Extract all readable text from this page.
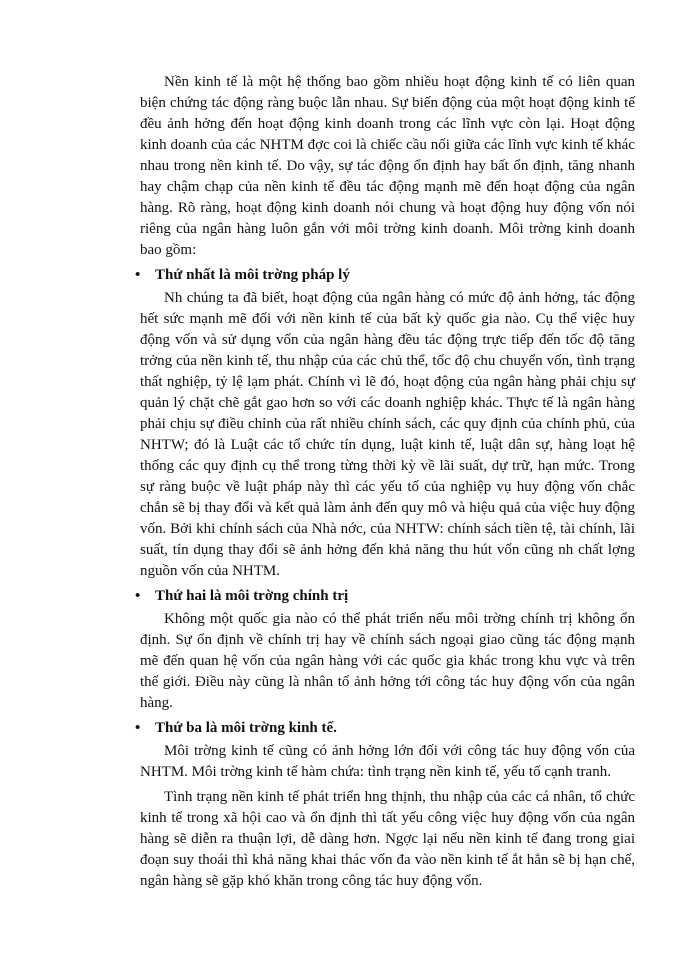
Nền kinh tế là một hệ thống bao gồm nhiều hoạt động kinh tế có liên quan biện chứng tác động ràng buộc lẫn nhau. Sự biến động của một hoạt động kinh tế đều ảnh hởng đến hoạt động kinh doanh trong các lĩnh vực còn lại. Hoạt động kinh doanh của các NHTM đợc coi là chiếc cầu nối giữa các lĩnh vực kinh tế khác nhau trong nền kinh tế. Do vậy, sự tác động ổn định hay bất ổn định, tăng nhanh hay chậm chạp của nền kinh tế đều tác động mạnh mẽ đến hoạt động của ngân hàng. Rõ ràng, hoạt động kinh doanh nói chung và hoạt động huy động vốn nói riêng của ngân hàng luôn gắn với môi trờng kinh doanh. Môi trờng kinh doanh bao gồm:

• Thứ nhất là môi trờng pháp lý

Nh chúng ta đã biết, hoạt động của ngân hàng có mức độ ảnh hởng, tác động hết sức mạnh mẽ đối với nền kinh tế của bất kỳ quốc gia nào. Cụ thể việc huy động vốn và sử dụng vốn của ngân hàng đều tác động trực tiếp đến tốc độ tăng trởng của nền kinh tế, thu nhập của các chủ thể, tốc độ chu chuyển vốn, tình trạng thất nghiệp, tỷ lệ lạm phát. Chính vì lẽ đó, hoạt động của ngân hàng phải chịu sự quản lý chặt chẽ gắt gao hơn so với các doanh nghiệp khác. Thực tế là ngân hàng phải chịu sự điều chỉnh của rất nhiều chính sách, các quy định của chính phủ, của NHTW; đó là Luật các tổ chức tín dụng, luật kinh tế, luật dân sự, hàng loạt hệ thống các quy định cụ thể trong từng thời kỳ về lãi suất, dự trữ, hạn mức. Trong sự ràng buộc về luật pháp này thì các yếu tố của nghiệp vụ huy động vốn chắc chắn sẽ bị thay đổi và kết quả làm ảnh đến quy mô và hiệu quả của việc huy động vốn. Bởi khi chính sách của Nhà nớc, của NHTW: chính sách tiền tệ, tài chính, lãi suất, tín dụng thay đổi sẽ ảnh hởng đến khả năng thu hút vốn cũng nh chất lợng nguồn vốn của NHTM.

• Thứ hai là môi trờng chính trị

Không một quốc gia nào có thể phát triển nếu môi trờng chính trị không ổn định. Sự ổn định về chính trị hay về chính sách ngoại giao cũng tác động mạnh mẽ đến quan hệ vốn của ngân hàng với các quốc gia khác trong khu vực và trên thế giới. Điều này cũng là nhân tố ảnh hởng tới công tác huy động vốn của ngân hàng.

• Thứ ba là môi trờng kinh tế.

Môi trờng kinh tế cũng có ảnh hởng lớn đối với công tác huy động vốn của NHTM. Môi trờng kinh tế hàm chứa: tình trạng nền kinh tế, yếu tố cạnh tranh.

Tình trạng nền kinh tế phát triển hng thịnh, thu nhập của các cá nhân, tổ chức kinh tế trong xã hội cao và ổn định thì tất yếu công việc huy động vốn của ngân hàng sẽ diễn ra thuận lợi, dễ dàng hơn. Ngợc lại nếu nền kinh tế đang trong giai đoạn suy thoái thì khả năng khai thác vốn đa vào nền kinh tế ắt hẳn sẽ bị hạn chế, ngân hàng sẽ gặp khó khăn trong công tác huy động vốn.
